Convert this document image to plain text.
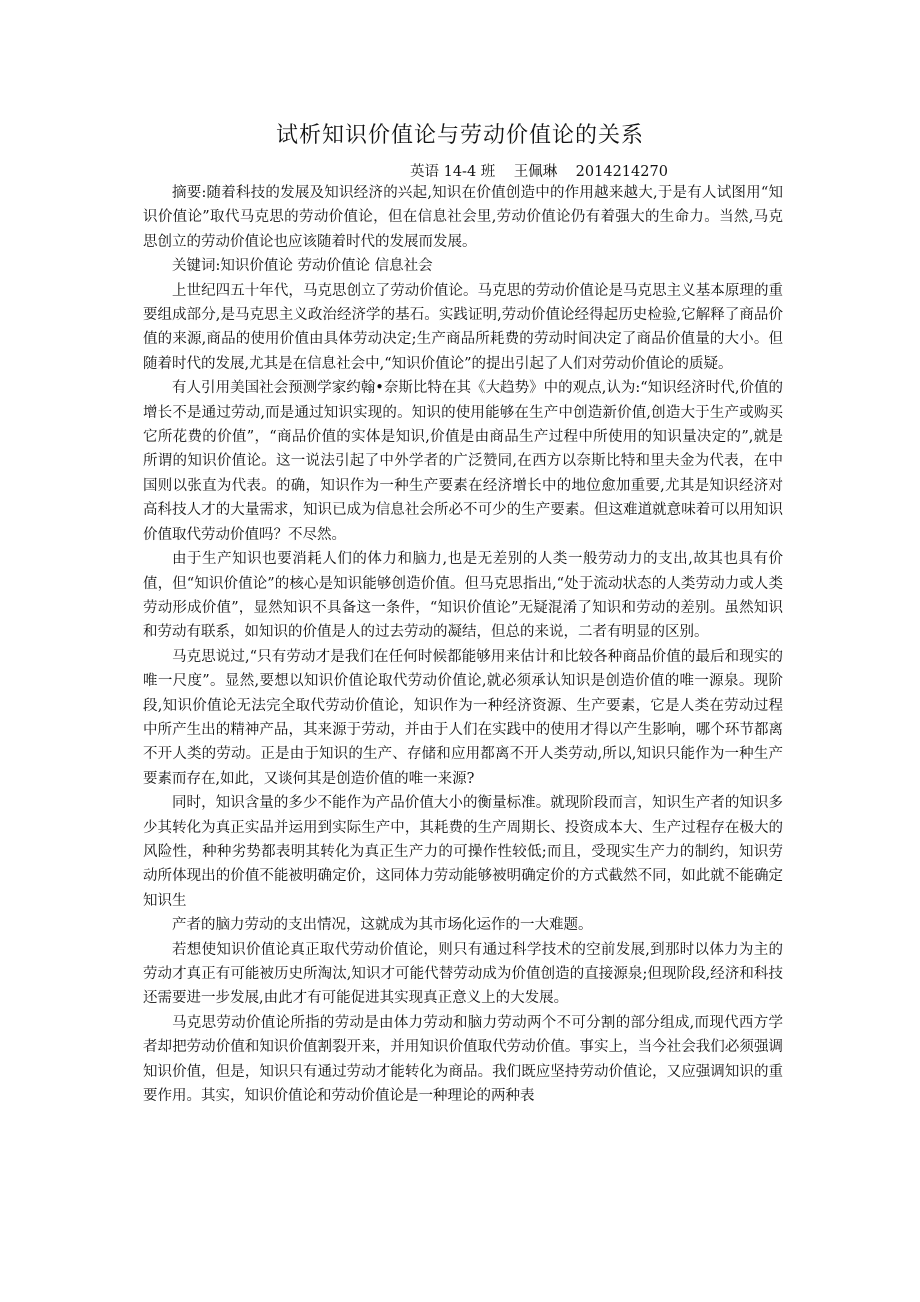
试析知识价值论与劳动价值论的关系
英语 14-4 班    王佩琳    2014214270

摘要:随着科技的发展及知识经济的兴起,知识在价值创造中的作用越来越大,于是有人试图用“知识价值论”取代马克思的劳动价值论，但在信息社会里,劳动价值论仍有着强大的生命力。当然,马克思创立的劳动价值论也应该随着时代的发展而发展。

关键词:知识价值论 劳动价值论 信息社会

上世纪四五十年代，马克思创立了劳动价值论。马克思的劳动价值论是马克思主义基本原理的重要组成部分,是马克思主义政治经济学的基石。实践证明,劳动价值论经得起历史检验,它解释了商品价值的来源,商品的使用价值由具体劳动决定;生产商品所耗费的劳动时间决定了商品价值量的大小。但随着时代的发展,尤其是在信息社会中,“知识价值论”的提出引起了人们对劳动价值论的质疑。

有人引用美国社会预测学家约翰•奈斯比特在其《大趋势》中的观点,认为:“知识经济时代,价值的增长不是通过劳动,而是通过知识实现的。知识的使用能够在生产中创造新价值,创造大于生产或购买它所花费的价值”，“商品价值的实体是知识,价值是由商品生产过程中所使用的知识量决定的”,就是所谓的知识价值论。这一说法引起了中外学者的广泛赞同,在西方以奈斯比特和里夫金为代表，在中国则以张直为代表。的确，知识作为一种生产要素在经济增长中的地位愈加重要,尤其是知识经济对高科技人才的大量需求，知识已成为信息社会所必不可少的生产要素。但这难道就意味着可以用知识价值取代劳动价值吗？不尽然。

由于生产知识也要消耗人们的体力和脑力,也是无差别的人类一般劳动力的支出,故其也具有价值，但“知识价值论”的核心是知识能够创造价值。但马克思指出,“处于流动状态的人类劳动力或人类劳动形成价值”，显然知识不具备这一条件，“知识价值论”无疑混淆了知识和劳动的差别。虽然知识和劳动有联系，如知识的价值是人的过去劳动的凝结，但总的来说，二者有明显的区别。

马克思说过,“只有劳动才是我们在任何时候都能够用来估计和比较各种商品价值的最后和现实的唯一尺度”。显然,要想以知识价值论取代劳动价值论,就必须承认知识是创造价值的唯一源泉。现阶段,知识价值论无法完全取代劳动价值论，知识作为一种经济资源、生产要素，它是人类在劳动过程中所产生出的精神产品，其来源于劳动，并由于人们在实践中的使用才得以产生影响，哪个环节都离不开人类的劳动。正是由于知识的生产、存储和应用都离不开人类劳动,所以,知识只能作为一种生产要素而存在,如此，又谈何其是创造价值的唯一来源?

同时，知识含量的多少不能作为产品价值大小的衡量标准。就现阶段而言，知识生产者的知识多少其转化为真正实品并运用到实际生产中，其耗费的生产周期长、投资成本大、生产过程存在极大的风险性，种种劣势都表明其转化为真正生产力的可操作性较低;而且，受现实生产力的制约，知识劳动所体现出的价值不能被明确定价，这同体力劳动能够被明确定价的方式截然不同，如此就不能确定知识生

产者的脑力劳动的支出情况，这就成为其市场化运作的一大难题。

若想使知识价值论真正取代劳动价值论，则只有通过科学技术的空前发展,到那时以体力为主的劳动才真正有可能被历史所淘汰,知识才可能代替劳动成为价值创造的直接源泉;但现阶段,经济和科技还需要进一步发展,由此才有可能促进其实现真正意义上的大发展。

马克思劳动价值论所指的劳动是由体力劳动和脑力劳动两个不可分割的部分组成,而现代西方学者却把劳动价值和知识价值割裂开来，并用知识价值取代劳动价值。事实上，当今社会我们必须强调知识价值，但是，知识只有通过劳动才能转化为商品。我们既应坚持劳动价值论，又应强调知识的重要作用。其实，知识价值论和劳动价值论是一种理论的两种表
